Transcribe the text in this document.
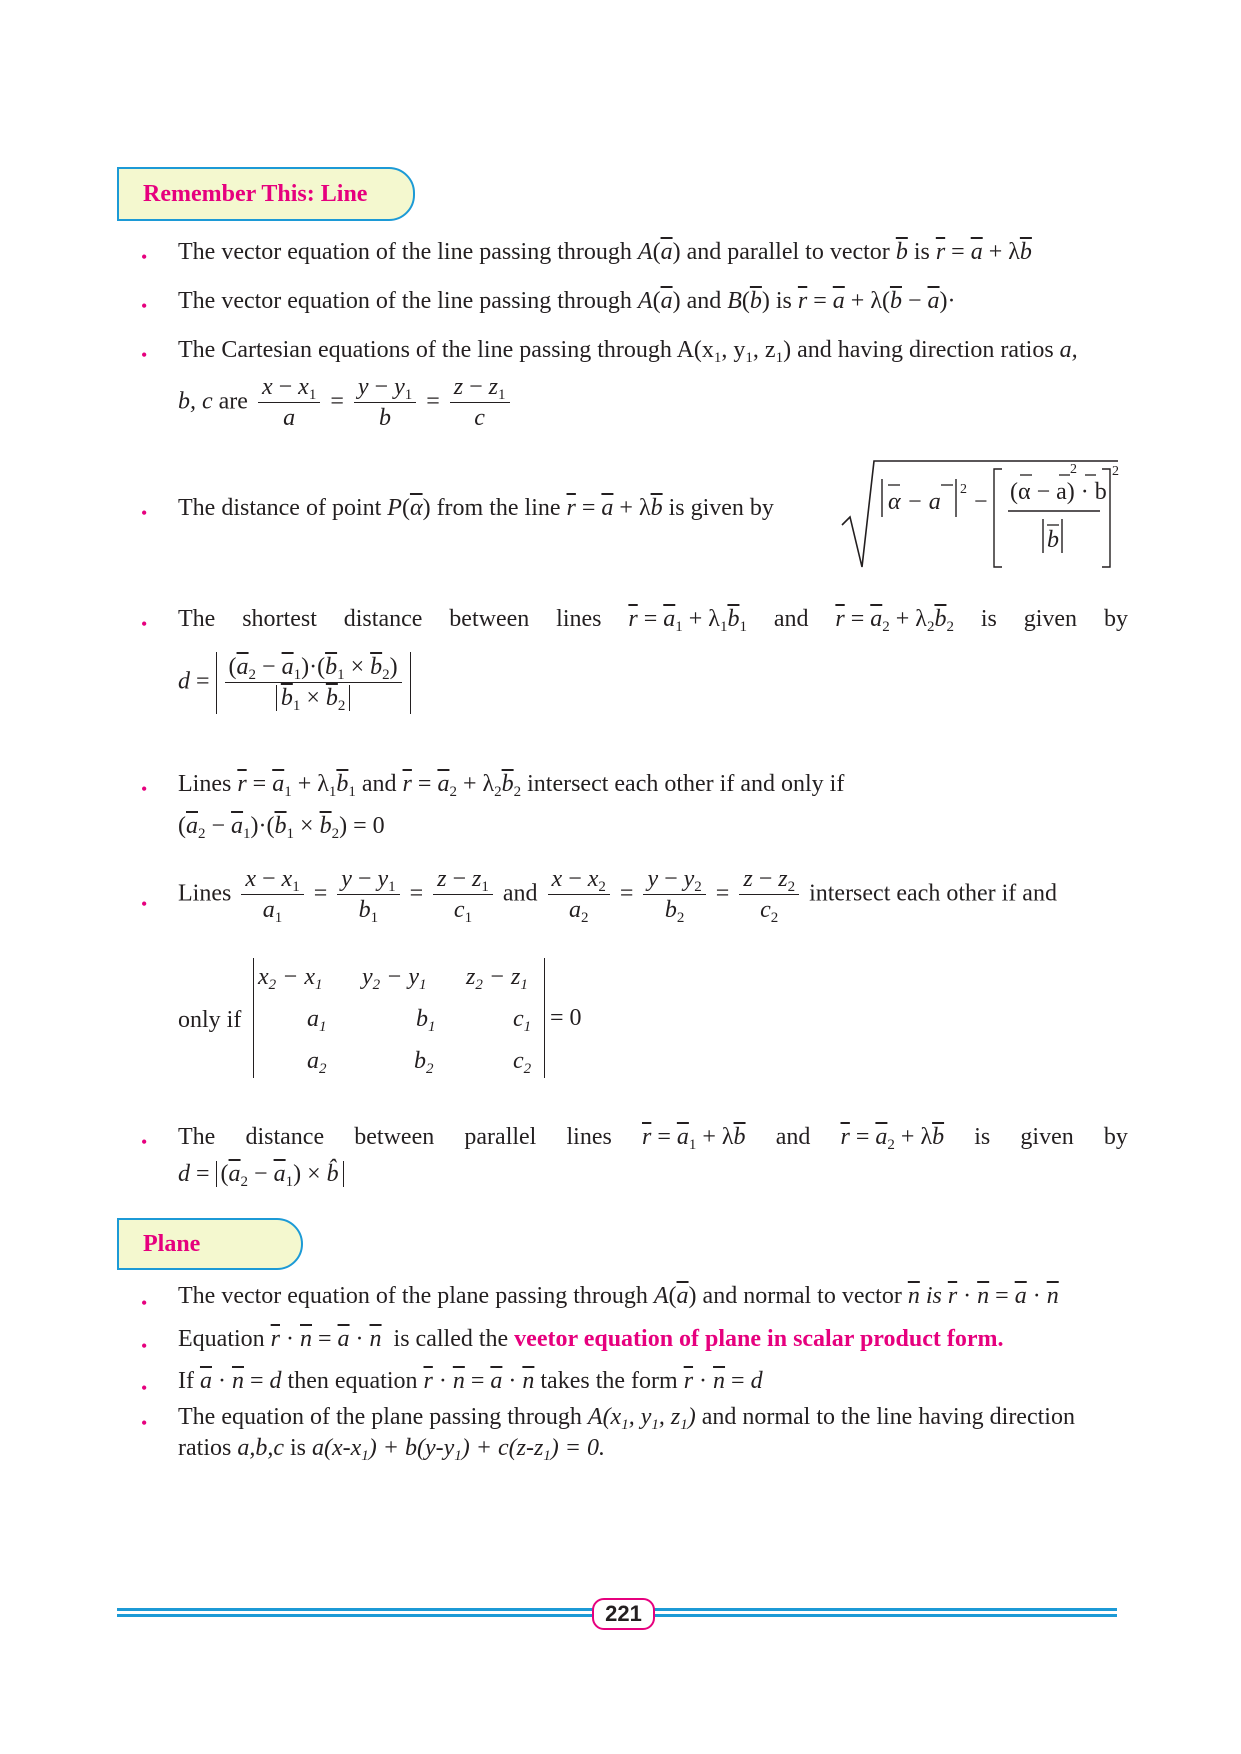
Remember This: Line
• The vector equation of the line passing through $A(\overline{a})$ and parallel to vector $\overline{b}$ is $\overline{r} = \overline{a} + \lambda\overline{b}$
• The vector equation of the line passing through $A(\overline{a})$ and $B(\overline{b})$ is $\overline{r} = \overline{a} + \lambda(\overline{b} - \overline{a})\cdot$
• The Cartesian equations of the line passing through $A(x_1$, $y_1$, $z_1$) and having direction ratios a,
b, c are $\frac{x - x_1}{a} = \frac{y - y_1}{b} = \frac{z - z_1}{c}$
• The distance of point $P(\overline{\alpha})$ from the line $\overline{r} = \overline{a} + \lambda\overline{b}$ is given by
2
α − a 2 − (α − a) · b
b
2
• The shortest distance between lines $\overline{r} = \overline{a}_1 + \lambda_1\overline{b}_1$ and $\overline{r} = \overline{a}_2 + \lambda_2\overline{b}_2$ is given by
$d = \frac{(\overline{a}_2 - \overline{a}_1)\cdot(\overline{b}_1 \times \overline{b}_2)}{\overline{b}_1 \times \overline{b}_2}$
• Lines $\overline{r} = \overline{a}_1 + \lambda_1\overline{b}_1$ and $\overline{r} = \overline{a}_2 + \lambda_2\overline{b}_2$ intersect each other if and only if
$(\overline{a}_2 - \overline{a}_1)\cdot(\overline{b}_1 \times \overline{b}_2) = 0$
• Lines $\frac{x - x_1}{a_1} = \frac{y - y_1}{b_1} = \frac{z - z_1}{c_1}$ and $\frac{x - x_2}{a_2} = \frac{y - y_2}{b_2} = \frac{z - z_2}{c_2}$ intersect each other if and
only if
$x_2 - x_1$ $y_2 - y_1$ $z_2 - z_1$
$a_1$	$b_1$	$c_1$
$a_2$	$b_2$	$c_2$
= 0
• The distance between parallel lines $\overline{r} = \overline{a}_1 + \lambda\overline{b}$ and $\overline{r} = \overline{a}_2 + \lambda\overline{b}$ is given by
$d = (\overline{a}_2 - \overline{a}_1)$ × b̂
Plane
• The vector equation of the plane passing through $A(\overline{a})$ and normal to vector $\overline{n}$ is $\overline{r} \cdot \overline{n} = \overline{a} \cdot \overline{n}$
• Equation $\overline{r} \cdot \overline{n} = \overline{a} \cdot \overline{n}$ is called the veetor equation of plane in scalar product form.
• If $\overline{a} \cdot \overline{n} = d$ then equation $\overline{r} \cdot \overline{n} = \overline{a} \cdot \overline{n}$ takes the form $\overline{r} \cdot \overline{n} = d$
• The equation of the plane passing through $A(x_1$, $y_1$, $z_1$) and normal to the line having direction
ratios a,b,c is $a(x-x_1) + b(y-y_1) + c(z-z_1) = 0$.
221
